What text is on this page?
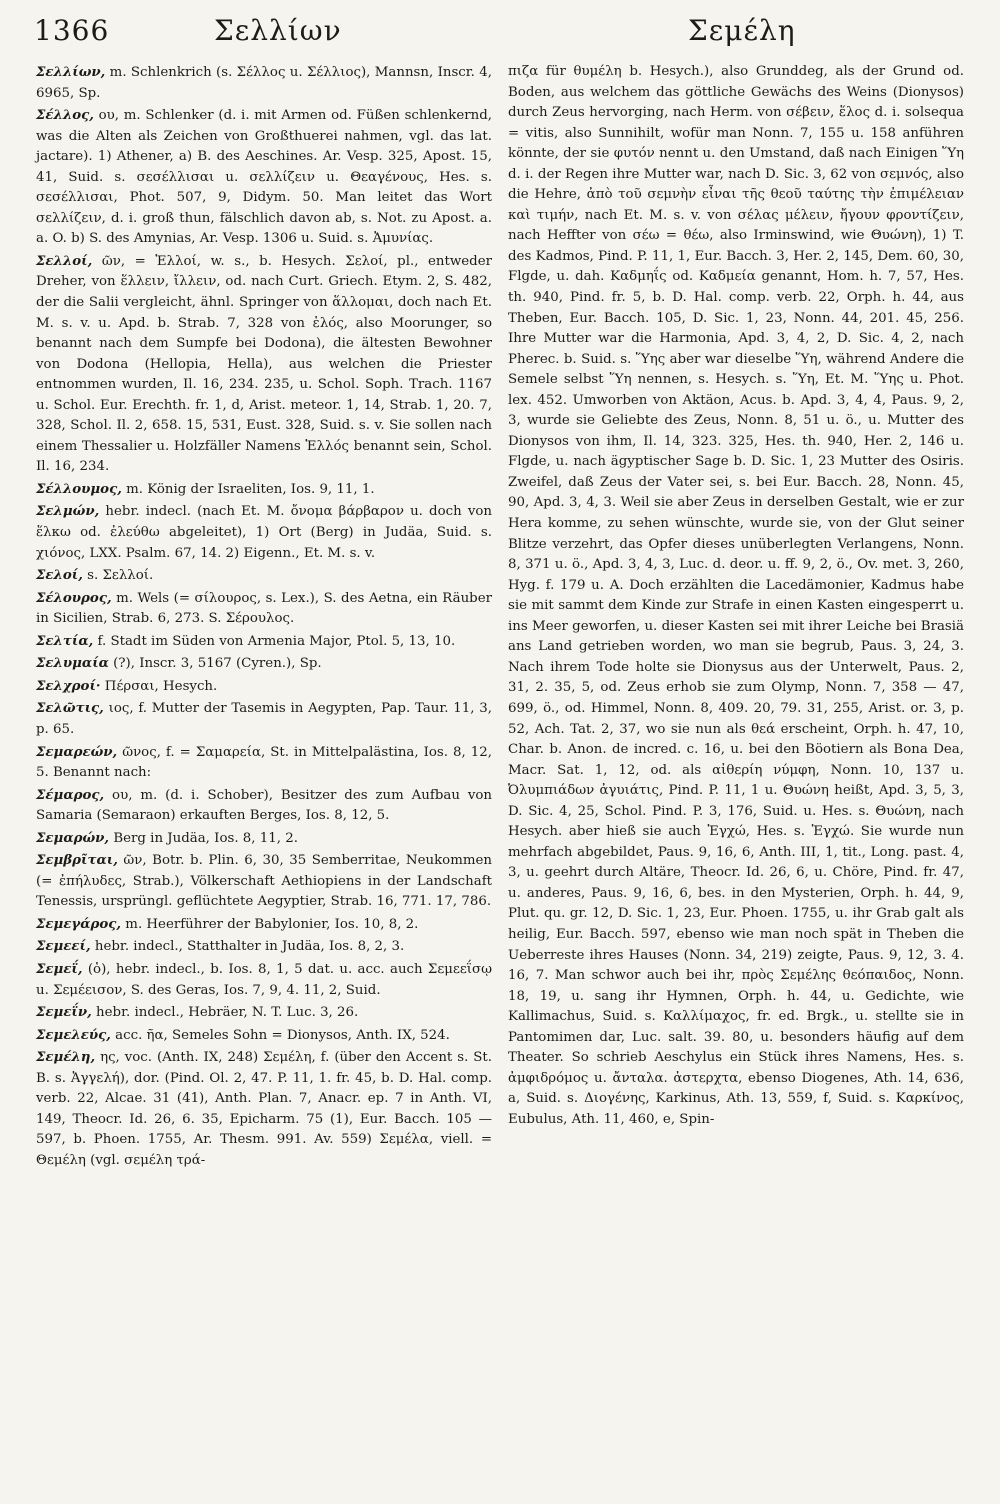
1366	Σελλίων	Σεμέλη

Σελλίων, m. Schlenkrich (s. Σέλλος u. Σέλλιος), Mannsn, Inscr. 4, 6965, Sp.

Σέλλος, ου, m. Schlenker (d. i. mit Armen od. Füßen schlenkernd, was die Alten als Zeichen von Großthuerei nahmen, vgl. das lat. jactare). 1) Athener, a) B. des Aeschines. Ar. Vesp. 325, Apost. 15, 41, Suid. s. σεσέλλισαι u. σελλίζειν u. Θεαγένους, Hes. s. σεσέλλισαι, Phot. 507, 9, Didym. 50. Man leitet das Wort σελλίζειν, d. i. groß thun, fälschlich davon ab, s. Not. zu Apost. a. a. O. b) S. des Amynias, Ar. Vesp. 1306 u. Suid. s. Ἀμυνίας.

Σελλοί, ῶν, = Ἑλλοί, w. s., b. Hesych. Σελοί, pl., entweder Dreher, von ἕλλειν, ἴλλειν, od. nach Curt. Griech. Etym. 2, S. 482, der die Salii vergleicht, ähnl. Springer von ἅλλομαι, doch nach Et. M. s. v. u. Apd. b. Strab. 7, 328 von ἑλός, also Moorunger, so benannt nach dem Sumpfe bei Dodona), die ältesten Bewohner von Dodona (Hellopia, Hella), aus welchen die Priester entnommen wurden, Il. 16, 234. 235, u. Schol. Soph. Trach. 1167 u. Schol. Eur. Erechth. fr. 1, d, Arist. meteor. 1, 14, Strab. 1, 20. 7, 328, Schol. Il. 2, 658. 15, 531, Eust. 328, Suid. s. v. Sie sollen nach einem Thessalier u. Holzfäller Namens Ἑλλός benannt sein, Schol. Il. 16, 234.

Σέλλουμος, m. König der Israeliten, Ios. 9, 11, 1.

Σελμών, hebr. indecl. (nach Et. M. ὄνομα βάρβαρον u. doch von ἕλκω od. ἐλεύθω abgeleitet), 1) Ort (Berg) in Judäa, Suid. s. χιόνος, LXX. Psalm. 67, 14. 2) Eigenn., Et. M. s. v.

Σελοί, s. Σελλοί.

Σέλουρος, m. Wels (= σίλουρος, s. Lex.), S. des Aetna, ein Räuber in Sicilien, Strab. 6, 273. S. Σέρουλος.

Σελτία, f. Stadt im Süden von Armenia Major, Ptol. 5, 13, 10.

Σελυμαία (?), Inscr. 3, 5167 (Cyren.), Sp.

Σελχροί· Πέρσαι, Hesych.

Σελῶτις, ιος, f. Mutter der Tasemis in Aegypten, Pap. Taur. 11, 3, p. 65.

Σεμαρεών, ῶνος, f. = Σαμαρεία, St. in Mittelpalästina, Ios. 8, 12, 5. Benannt nach:

Σέμαρος, ου, m. (d. i. Schober), Besitzer des zum Aufbau von Samaria (Semaraon) erkauften Berges, Ios. 8, 12, 5.

Σεμαρών, Berg in Judäa, Ios. 8, 11, 2.

Σεμβρῖται, ῶν, Botr. b. Plin. 6, 30, 35 Semberritae, Neukommen (= ἐπήλυδες, Strab.), Völkerschaft Aethiopiens in der Landschaft Tenessis, ursprüngl. geflüchtete Aegyptier, Strab. 16, 771. 17, 786.

Σεμεγάρος, m. Heerführer der Babylonier, Ios. 10, 8, 2.

Σεμεεί, hebr. indecl., Statthalter in Judäa, Ios. 8, 2, 3.

Σεμεΐ, (ὁ), hebr. indecl., b. Ios. 8, 1, 5 dat. u. acc. auch Σεμεεΐσῳ u. Σεμέεισον, S. des Geras, Ios. 7, 9, 4. 11, 2, Suid.

Σεμεΐν, hebr. indecl., Hebräer, N. T. Luc. 3, 26.

Σεμελεύς, acc. ῆα, Semeles Sohn = Dionysos, Anth. IX, 524.

Σεμέλη, ης, voc. (Anth. IX, 248) Σεμέλη, f. (über den Accent s. St. B. s. Ἀγγελή), dor. (Pind. Ol. 2, 47. P. 11, 1. fr. 45, b. D. Hal. comp. verb. 22, Alcae. 31 (41), Anth. Plan. 7, Anacr. ep. 7 in Anth. VI, 149, Theocr. Id. 26, 6. 35, Epicharm. 75 (1), Eur. Bacch. 105 — 597, b. Phoen. 1755, Ar. Thesm. 991. Av. 559) Σεμέλα, viell. = Θεμέλη (vgl. σεμέλη τρά-

πιζα für θυμέλη b. Hesych.), also Grunddeg, als der Grund od. Boden, aus welchem das göttliche Gewächs des Weins (Dionysos) durch Zeus hervorging, nach Herm. von σέβειν, ἕλος d. i. solsequa = vitis, also Sunnihilt, wofür man Nonn. 7, 155 u. 158 anführen könnte, der sie φυτόν nennt u. den Umstand, daß nach Einigen Ὕη d. i. der Regen ihre Mutter war, nach D. Sic. 3, 62 von σεμνός, also die Hehre, ἀπὸ τοῦ σεμνὴν εἶναι τῆς θεοῦ ταύτης τὴν ἐπιμέλειαν καὶ τιμήν, nach Et. M. s. v. von σέλας μέλειν, ἤγουν φροντίζειν, nach Heffter von σέω = θέω, also Irminswind, wie Θυώνη), 1) T. des Kadmos, Pind. P. 11, 1, Eur. Bacch. 3, Her. 2, 145, Dem. 60, 30, Flgde, u. dah. Καδμηΐς od. Καδμεία genannt, Hom. h. 7, 57, Hes. th. 940, Pind. fr. 5, b. D. Hal. comp. verb. 22, Orph. h. 44, aus Theben, Eur. Bacch. 105, D. Sic. 1, 23, Nonn. 44, 201. 45, 256. Ihre Mutter war die Harmonia, Apd. 3, 4, 2, D. Sic. 4, 2, nach Pherec. b. Suid. s. Ὕης aber war dieselbe Ὕη, während Andere die Semele selbst Ὕη nennen, s. Hesych. s. Ὕη, Et. M. Ὕης u. Phot. lex. 452. Umworben von Aktäon, Acus. b. Apd. 3, 4, 4, Paus. 9, 2, 3, wurde sie Geliebte des Zeus, Nonn. 8, 51 u. ö., u. Mutter des Dionysos von ihm, Il. 14, 323. 325, Hes. th. 940, Her. 2, 146 u. Flgde, u. nach ägyptischer Sage b. D. Sic. 1, 23 Mutter des Osiris. Zweifel, daß Zeus der Vater sei, s. bei Eur. Bacch. 28, Nonn. 45, 90, Apd. 3, 4, 3. Weil sie aber Zeus in derselben Gestalt, wie er zur Hera komme, zu sehen wünschte, wurde sie, von der Glut seiner Blitze verzehrt, das Opfer dieses unüberlegten Verlangens, Nonn. 8, 371 u. ö., Apd. 3, 4, 3, Luc. d. deor. u. ff. 9, 2, ö., Ov. met. 3, 260, Hyg. f. 179 u. A. Doch erzählten die Lacedämonier, Kadmus habe sie mit sammt dem Kinde zur Strafe in einen Kasten eingesperrt u. ins Meer geworfen, u. dieser Kasten sei mit ihrer Leiche bei Brasiä ans Land getrieben worden, wo man sie begrub, Paus. 3, 24, 3. Nach ihrem Tode holte sie Dionysus aus der Unterwelt, Paus. 2, 31, 2. 35, 5, od. Zeus erhob sie zum Olymp, Nonn. 7, 358 — 47, 699, ö., od. Himmel, Nonn. 8, 409. 20, 79. 31, 255, Arist. or. 3, p. 52, Ach. Tat. 2, 37, wo sie nun als θεά erscheint, Orph. h. 47, 10, Char. b. Anon. de incred. c. 16, u. bei den Böotiern als Bona Dea, Macr. Sat. 1, 12, od. als αἰθερίη νύμφη, Nonn. 10, 137 u. Ὀλυμπιάδων ἀγυιάτις, Pind. P. 11, 1 u. Θυώνη heißt, Apd. 3, 5, 3, D. Sic. 4, 25, Schol. Pind. P. 3, 176, Suid. u. Hes. s. Θυώνη, nach Hesych. aber hieß sie auch Ἐγχώ, Hes. s. Ἐγχώ. Sie wurde nun mehrfach abgebildet, Paus. 9, 16, 6, Anth. III, 1, tit., Long. past. 4, 3, u. geehrt durch Altäre, Theocr. Id. 26, 6, u. Chöre, Pind. fr. 47, u. anderes, Paus. 9, 16, 6, bes. in den Mysterien, Orph. h. 44, 9, Plut. qu. gr. 12, D. Sic. 1, 23, Eur. Phoen. 1755, u. ihr Grab galt als heilig, Eur. Bacch. 597, ebenso wie man noch spät in Theben die Ueberreste ihres Hauses (Nonn. 34, 219) zeigte, Paus. 9, 12, 3. 4. 16, 7. Man schwor auch bei ihr, πρὸς Σεμέλης θεόπαιδος, Nonn. 18, 19, u. sang ihr Hymnen, Orph. h. 44, u. Gedichte, wie Kallimachus, Suid. s. Καλλίμαχος, fr. ed. Brgk., u. stellte sie in Pantomimen dar, Luc. salt. 39. 80, u. besonders häufig auf dem Theater. So schrieb Aeschylus ein Stück ihres Namens, Hes. s. ἀμφιδρόμος u. ἄνταλα. ἀστερχτα, ebenso Diogenes, Ath. 14, 636, a, Suid. s. Διογένης, Karkinus, Ath. 13, 559, f, Suid. s. Καρκίνος, Eubulus, Ath. 11, 460, e, Spin-
